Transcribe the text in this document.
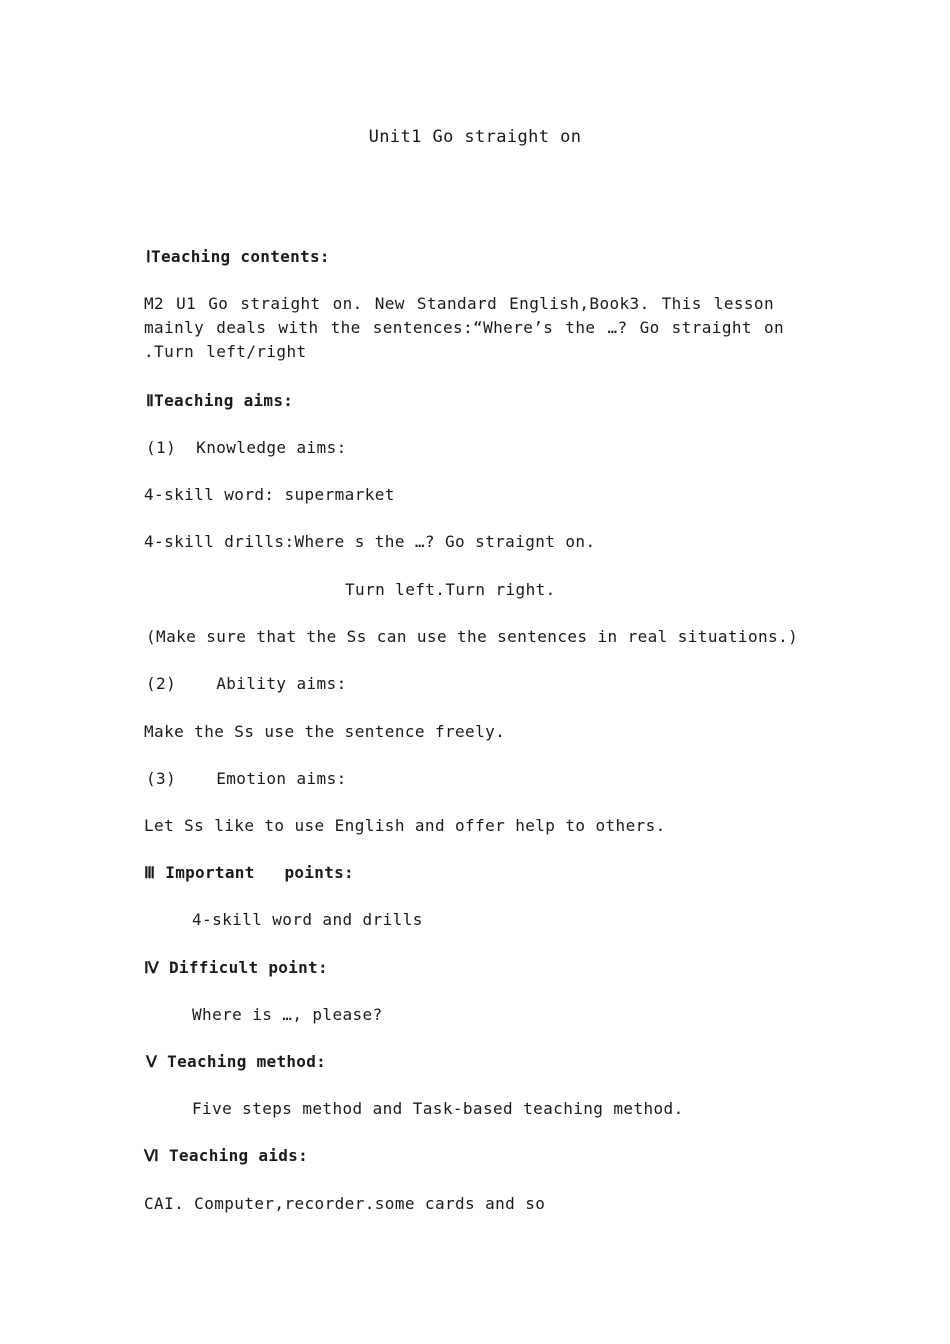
Unit1 Go straight on
ⅠTeaching contents:
M2 U1 Go straight on. New Standard English,Book3. This lesson mainly deals with the sentences:“Where’s the …? Go straight on .Turn left/right
ⅡTeaching aims:
(1)  Knowledge aims:
4-skill word: supermarket
4-skill drills:Where s the …? Go straignt on.
Turn left.Turn right.
(Make sure that the Ss can use the sentences in real situations.)
(2)    Ability aims:
Make the Ss use the sentence freely.
(3)    Emotion aims:
Let Ss like to use English and offer help to others.
Ⅲ Important   points:
4-skill word and drills
Ⅳ Difficult point:
Where is …, please?
Ⅴ Teaching method:
Five steps method and Task-based teaching method.
Ⅵ Teaching aids:
CAI. Computer,recorder.some cards and so
